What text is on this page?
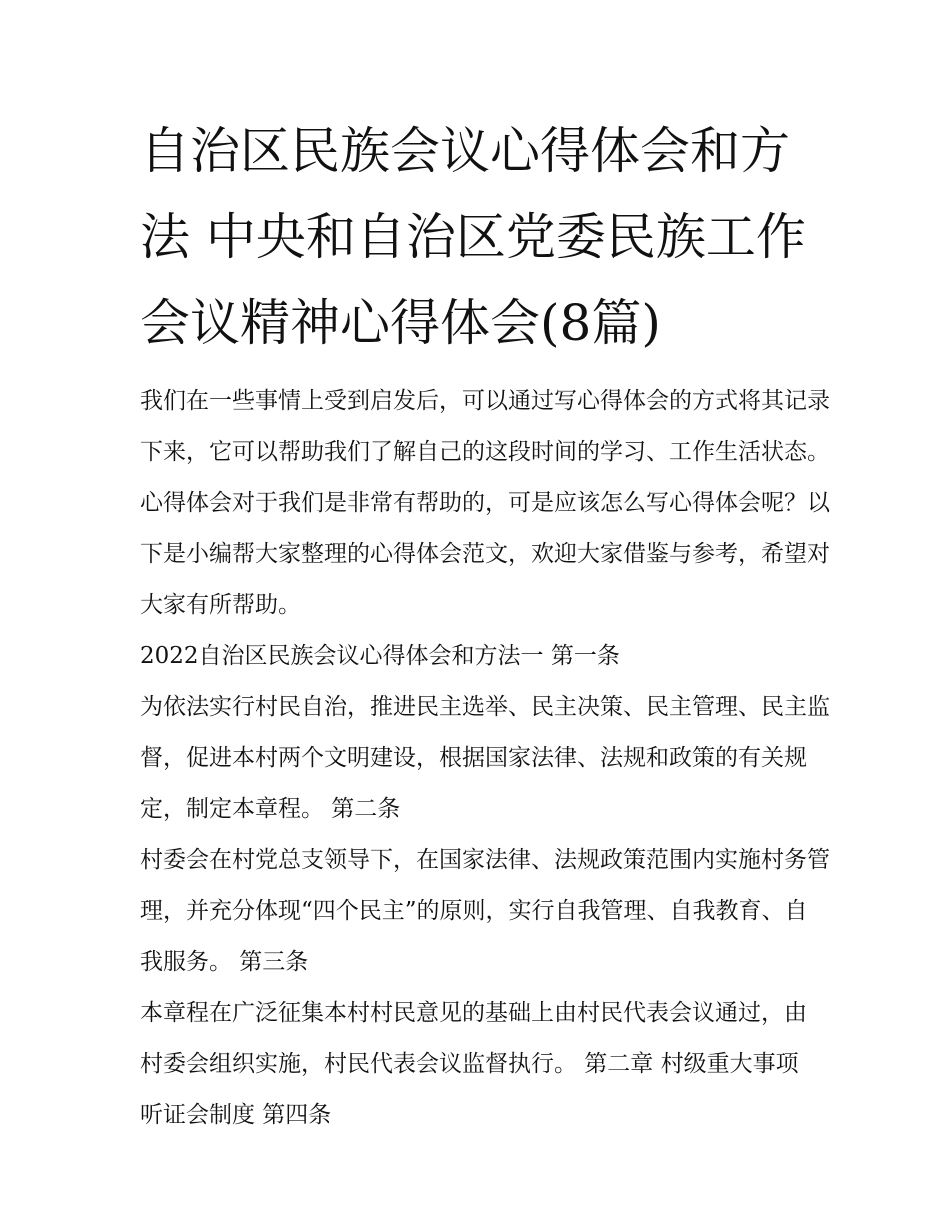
自治区民族会议心得体会和方法 中央和自治区党委民族工作会议精神心得体会(8篇)

我们在一些事情上受到启发后，可以通过写心得体会的方式将其记录下来，它可以帮助我们了解自己的这段时间的学习、工作生活状态。心得体会对于我们是非常有帮助的，可是应该怎么写心得体会呢？以下是小编帮大家整理的心得体会范文，欢迎大家借鉴与参考，希望对大家有所帮助。

2022自治区民族会议心得体会和方法一 第一条

为依法实行村民自治，推进民主选举、民主决策、民主管理、民主监督，促进本村两个文明建设，根据国家法律、法规和政策的有关规定，制定本章程。 第二条

村委会在村党总支领导下，在国家法律、法规政策范围内实施村务管理，并充分体现“四个民主”的原则，实行自我管理、自我教育、自我服务。 第三条

本章程在广泛征集本村村民意见的基础上由村民代表会议通过，由村委会组织实施，村民代表会议监督执行。 第二章 村级重大事项听证会制度 第四条
